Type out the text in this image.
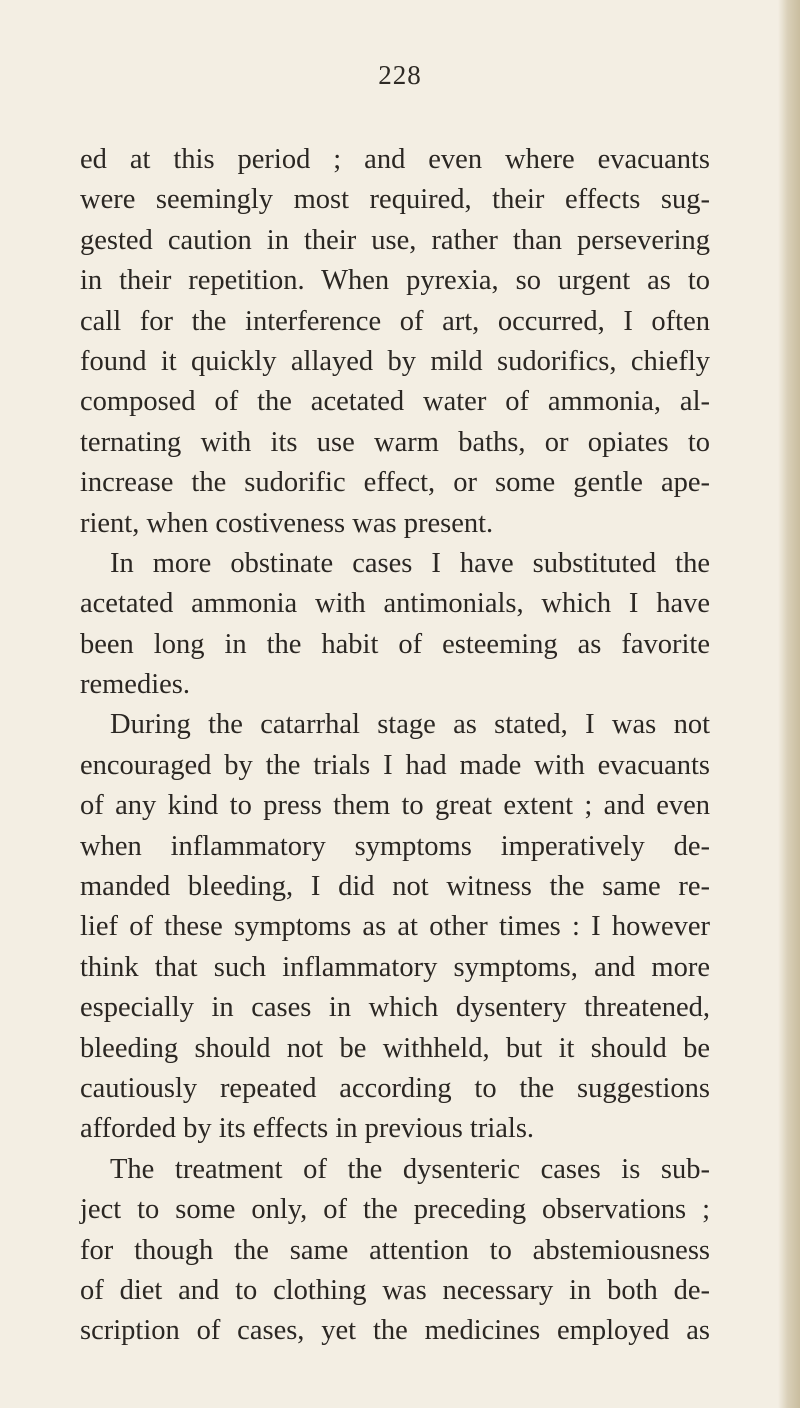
228
ed at this period ; and even where evacuants
were seemingly most required, their effects sug-
gested caution in their use, rather than persevering
in their repetition. When pyrexia, so urgent as to
call for the interference of art, occurred, I often
found it quickly allayed by mild sudorifics, chiefly
composed of the acetated water of ammonia, al-
ternating with its use warm baths, or opiates to
increase the sudorific effect, or some gentle ape-
rient, when costiveness was present.
In more obstinate cases I have substituted the
acetated ammonia with antimonials, which I have
been long in the habit of esteeming as favorite
remedies.
During the catarrhal stage as stated, I was not
encouraged by the trials I had made with evacuants
of any kind to press them to great extent ; and even
when inflammatory symptoms imperatively de-
manded bleeding, I did not witness the same re-
lief of these symptoms as at other times : I however
think that such inflammatory symptoms, and more
especially in cases in which dysentery threatened,
bleeding should not be withheld, but it should be
cautiously repeated according to the suggestions
afforded by its effects in previous trials.
The treatment of the dysenteric cases is sub-
ject to some only, of the preceding observations ;
for though the same attention to abstemiousness
of diet and to clothing was necessary in both de-
scription of cases, yet the medicines employed as
